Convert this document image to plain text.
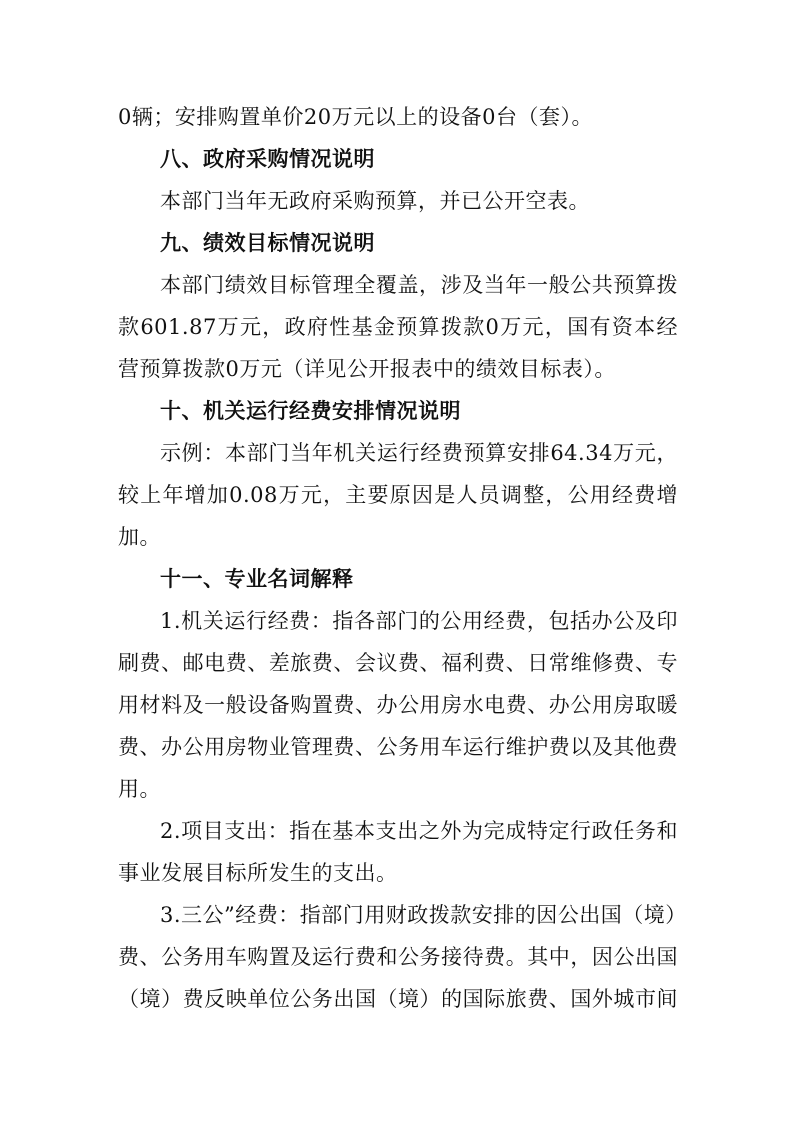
0辆；安排购置单价20万元以上的设备0台（套）。
八、政府采购情况说明
本部门当年无政府采购预算，并已公开空表。
九、绩效目标情况说明
本部门绩效目标管理全覆盖，涉及当年一般公共预算拨
款601.87万元，政府性基金预算拨款0万元，国有资本经
营预算拨款0万元（详见公开报表中的绩效目标表）。
十、机关运行经费安排情况说明
示例：本部门当年机关运行经费预算安排64.34万元，
较上年增加0.08万元，主要原因是人员调整，公用经费增
加。
十一、专业名词解释
1.机关运行经费：指各部门的公用经费，包括办公及印
刷费、邮电费、差旅费、会议费、福利费、日常维修费、专
用材料及一般设备购置费、办公用房水电费、办公用房取暖
费、办公用房物业管理费、公务用车运行维护费以及其他费
用。
2.项目支出：指在基本支出之外为完成特定行政任务和
事业发展目标所发生的支出。
3.三公”经费：指部门用财政拨款安排的因公出国（境）
费、公务用车购置及运行费和公务接待费。其中，因公出国
（境）费反映单位公务出国（境）的国际旅费、国外城市间
